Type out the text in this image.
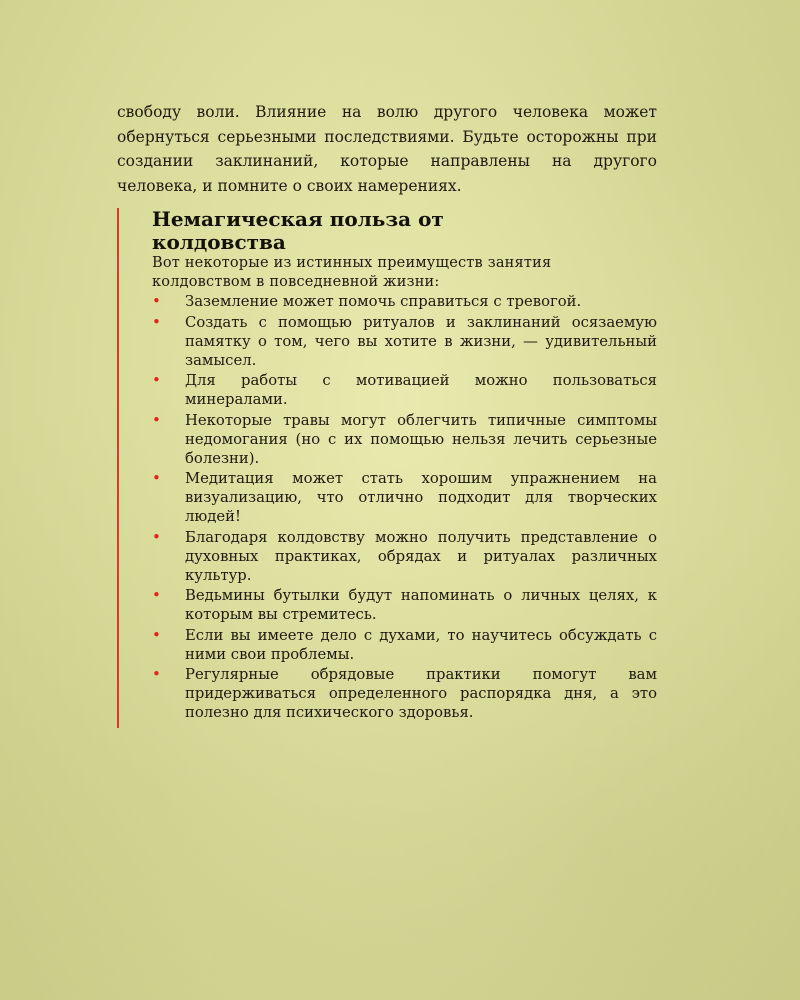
свободу воли. Влияние на волю другого человека может обернуться серьезными последствиями. Будьте осторожны при создании заклинаний, которые направлены на другого человека, и помните о своих намерениях.

Немагическая польза от колдовства

Вот некоторые из истинных преимуществ занятия колдовством в повседневной жизни:

• Заземление может помочь справиться с тревогой.
• Создать с помощью ритуалов и заклинаний осязаемую памятку о том, чего вы хотите в жизни, — удивительный замысел.
• Для работы с мотивацией можно пользоваться минералами.
• Некоторые травы могут облегчить типичные симптомы недомогания (но с их помощью нельзя лечить серьезные болезни).
• Медитация может стать хорошим упражнением на визуализацию, что отлично подходит для творческих людей!
• Благодаря колдовству можно получить представление о духовных практиках, обрядах и ритуалах различных культур.
• Ведьмины бутылки будут напоминать о личных целях, к которым вы стремитесь.
• Если вы имеете дело с духами, то научитесь обсуждать с ними свои проблемы.
• Регулярные обрядовые практики помогут вам придерживаться определенного распорядка дня, а это полезно для психического здоровья.
